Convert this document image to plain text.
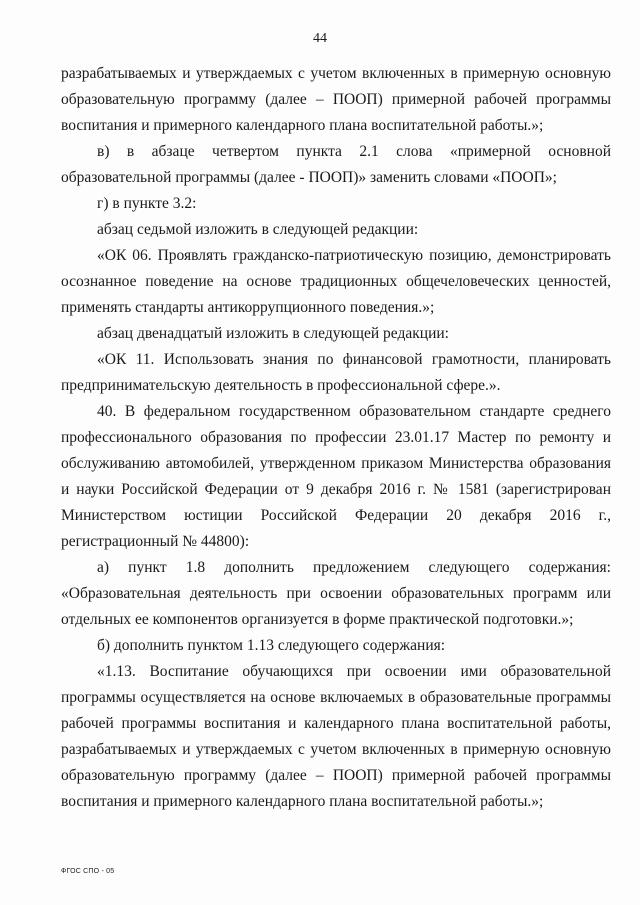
44

разрабатываемых и утверждаемых с учетом включенных в примерную основную образовательную программу (далее – ПООП) примерной рабочей программы воспитания и примерного календарного плана воспитательной работы.»;

в) в абзаце четвертом пункта 2.1 слова «примерной основной образовательной программы (далее - ПООП)» заменить словами «ПООП»;

г) в пункте 3.2:

абзац седьмой изложить в следующей редакции:

«ОК 06. Проявлять гражданско-патриотическую позицию, демонстрировать осознанное поведение на основе традиционных общечеловеческих ценностей, применять стандарты антикоррупционного поведения.»;

абзац двенадцатый изложить в следующей редакции:

«ОК 11. Использовать знания по финансовой грамотности, планировать предпринимательскую деятельность в профессиональной сфере.».

40. В федеральном государственном образовательном стандарте среднего профессионального образования по профессии 23.01.17 Мастер по ремонту и обслуживанию автомобилей, утвержденном приказом Министерства образования и науки Российской Федерации от 9 декабря 2016 г. № 1581 (зарегистрирован Министерством юстиции Российской Федерации 20 декабря 2016 г., регистрационный № 44800):

а) пункт 1.8 дополнить предложением следующего содержания: «Образовательная деятельность при освоении образовательных программ или отдельных ее компонентов организуется в форме практической подготовки.»;

б) дополнить пунктом 1.13 следующего содержания:

«1.13. Воспитание обучающихся при освоении ими образовательной программы осуществляется на основе включаемых в образовательные программы рабочей программы воспитания и календарного плана воспитательной работы, разрабатываемых и утверждаемых с учетом включенных в примерную основную образовательную программу (далее – ПООП) примерной рабочей программы воспитания и примерного календарного плана воспитательной работы.»;

ФГОС СПО - 05
